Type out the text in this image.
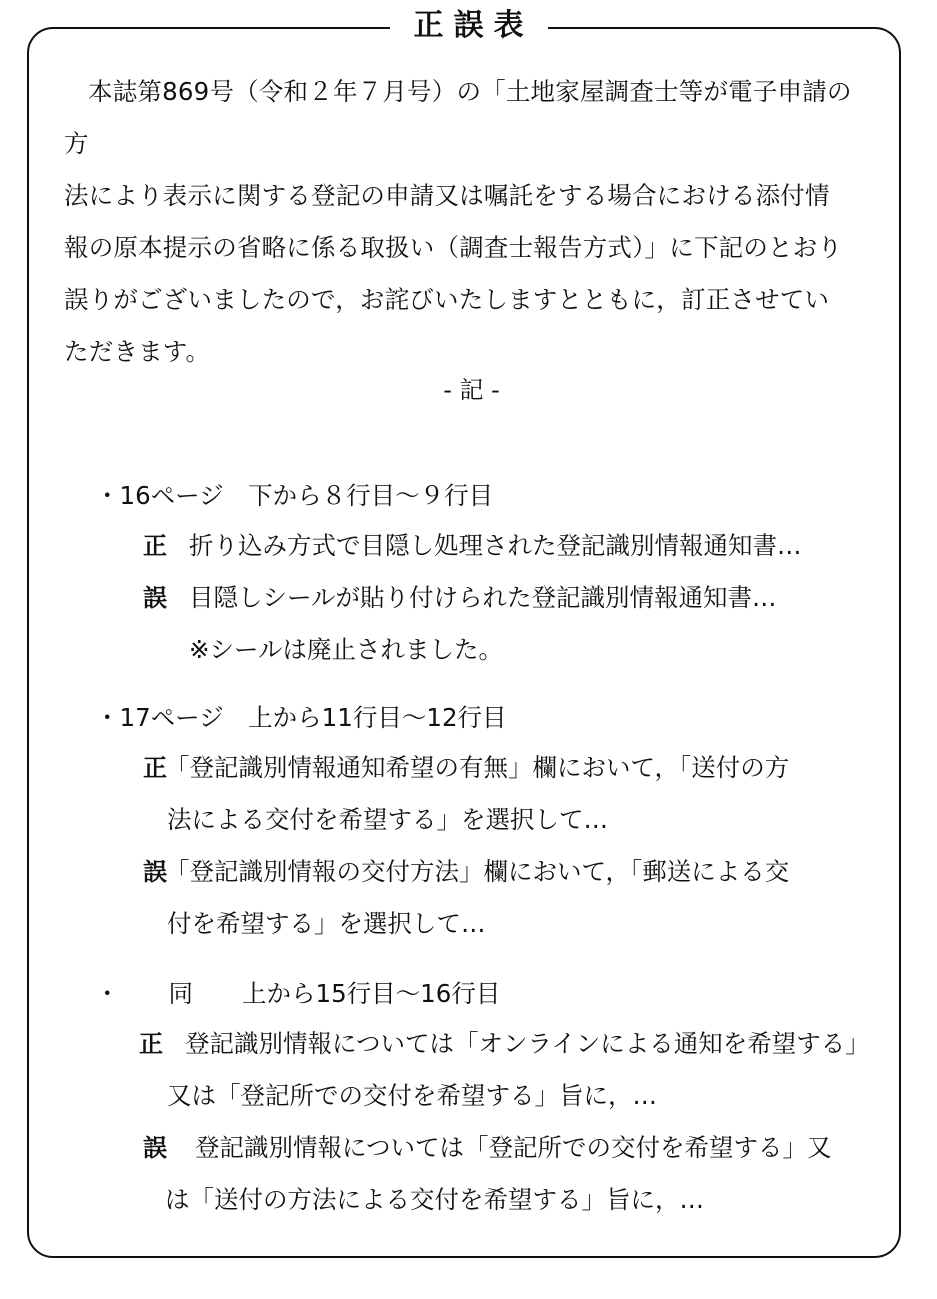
正誤表
本誌第869号（令和２年７月号）の「土地家屋調査士等が電子申請の方
法により表示に関する登記の申請又は嘱託をする場合における添付情
報の原本提示の省略に係る取扱い（調査士報告方式）」に下記のとおり
誤りがございましたので，お詫びいたしますとともに，訂正させてい
ただきます。
- 記 -
・16ページ　下から８行目～９行目
正 折り込み方式で目隠し処理された登記識別情報通知書…
誤 目隠しシールが貼り付けられた登記識別情報通知書…
※シールは廃止されました。
・17ページ　上から11行目～12行目
正
「登記識別情報通知希望の有無」欄において，「送付の方
法による交付を希望する」を選択して…
誤
「登記識別情報の交付方法」欄において，「郵送による交
付を希望する」を選択して…
・　　同　　上から15行目～16行目
正 登記識別情報については「オンラインによる通知を希望する」
又は「登記所での交付を希望する」旨に，…
誤	登記識別情報については「登記所での交付を希望する」又
は「送付の方法による交付を希望する」旨に，…
